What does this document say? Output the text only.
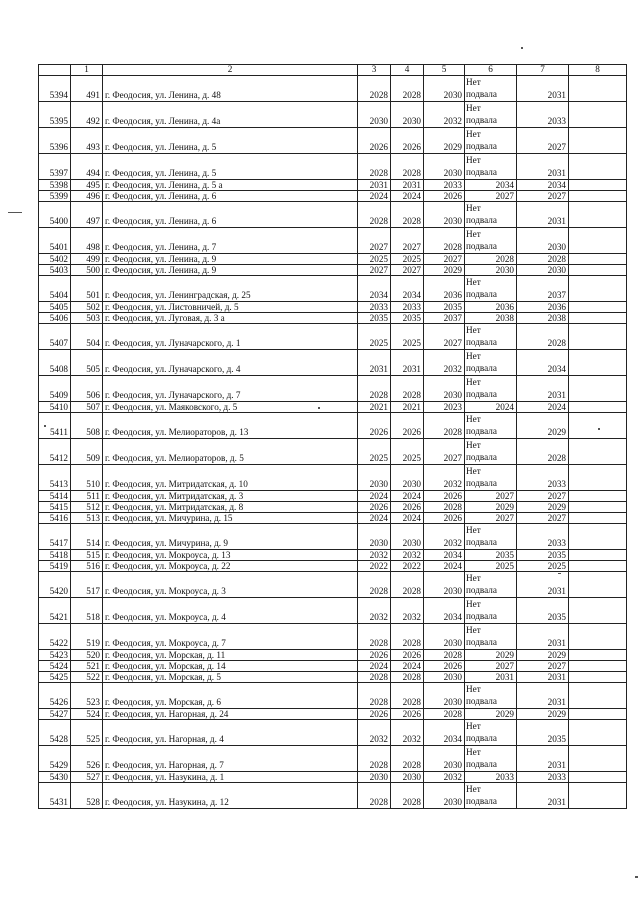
	1	2	3	4	5	6	7	8
5394	491	г. Феодосия, ул. Ленина, д. 48	2028	2028	2030	Нет
подвала	2031	
5395	492	г. Феодосия, ул. Ленина, д. 4а	2030	2030	2032	Нет
подвала	2033	
5396	493	г. Феодосия, ул. Ленина, д. 5	2026	2026	2029	Нет
подвала	2027	
5397	494	г. Феодосия, ул. Ленина, д. 5	2028	2028	2030	Нет
подвала	2031	
5398	495	г. Феодосия, ул. Ленина, д. 5 а	2031	2031	2033	2034	2034	
5399	496	г. Феодосия, ул. Ленина, д. 6	2024	2024	2026	2027	2027	
5400	497	г. Феодосия, ул. Ленина, д. 6	2028	2028	2030	Нет
подвала	2031	
5401	498	г. Феодосия, ул. Ленина, д. 7	2027	2027	2028	Нет
подвала	2030	
5402	499	г. Феодосия, ул. Ленина, д. 9	2025	2025	2027	2028	2028	
5403	500	г. Феодосия, ул. Ленина, д. 9	2027	2027	2029	2030	2030	
5404	501	г. Феодосия, ул. Ленинградская, д. 25	2034	2034	2036	Нет
подвала	2037	
5405	502	г. Феодосия, ул. Листовничей, д. 5	2033	2033	2035	2036	2036	
5406	503	г. Феодосия, ул. Луговая, д. 3 а	2035	2035	2037	2038	2038	
5407	504	г. Феодосия, ул. Луначарского, д. 1	2025	2025	2027	Нет
подвала	2028	
5408	505	г. Феодосия, ул. Луначарского, д. 4	2031	2031	2032	Нет
подвала	2034	
5409	506	г. Феодосия, ул. Луначарского, д. 7	2028	2028	2030	Нет
подвала	2031	
5410	507	г. Феодосия, ул. Маяковского, д. 5	2021	2021	2023	2024	2024	
5411	508	г. Феодосия, ул. Мелиораторов, д. 13	2026	2026	2028	Нет
подвала	2029	
5412	509	г. Феодосия, ул. Мелиораторов, д. 5	2025	2025	2027	Нет
подвала	2028	
5413	510	г. Феодосия, ул. Митридатская, д. 10	2030	2030	2032	Нет
подвала	2033	
5414	511	г. Феодосия, ул. Митридатская, д. 3	2024	2024	2026	2027	2027	
5415	512	г. Феодосия, ул. Митридатская, д. 8	2026	2026	2028	2029	2029	
5416	513	г. Феодосия, ул. Мичурина, д. 15	2024	2024	2026	2027	2027	
5417	514	г. Феодосия, ул. Мичурина, д. 9	2030	2030	2032	Нет
подвала	2033	
5418	515	г. Феодосия, ул. Мокроуса, д. 13	2032	2032	2034	2035	2035	
5419	516	г. Феодосия, ул. Мокроуса, д. 22	2022	2022	2024	2025	2025	
5420	517	г. Феодосия, ул. Мокроуса, д. 3	2028	2028	2030	Нет
подвала	2031	
5421	518	г. Феодосия, ул. Мокроуса, д. 4	2032	2032	2034	Нет
подвала	2035	
5422	519	г. Феодосия, ул. Мокроуса, д. 7	2028	2028	2030	Нет
подвала	2031	
5423	520	г. Феодосия, ул. Морская, д. 11	2026	2026	2028	2029	2029	
5424	521	г. Феодосия, ул. Морская, д. 14	2024	2024	2026	2027	2027	
5425	522	г. Феодосия, ул. Морская, д. 5	2028	2028	2030	2031	2031	
5426	523	г. Феодосия, ул. Морская, д. 6	2028	2028	2030	Нет
подвала	2031	
5427	524	г. Феодосия, ул. Нагорная, д. 24	2026	2026	2028	2029	2029	
5428	525	г. Феодосия, ул. Нагорная, д. 4	2032	2032	2034	Нет
подвала	2035	
5429	526	г. Феодосия, ул. Нагорная, д. 7	2028	2028	2030	Нет
подвала	2031	
5430	527	г. Феодосия, ул. Назукина, д. 1	2030	2030	2032	2033	2033	
5431	528	г. Феодосия, ул. Назукина, д. 12	2028	2028	2030	Нет
подвала	2031	
